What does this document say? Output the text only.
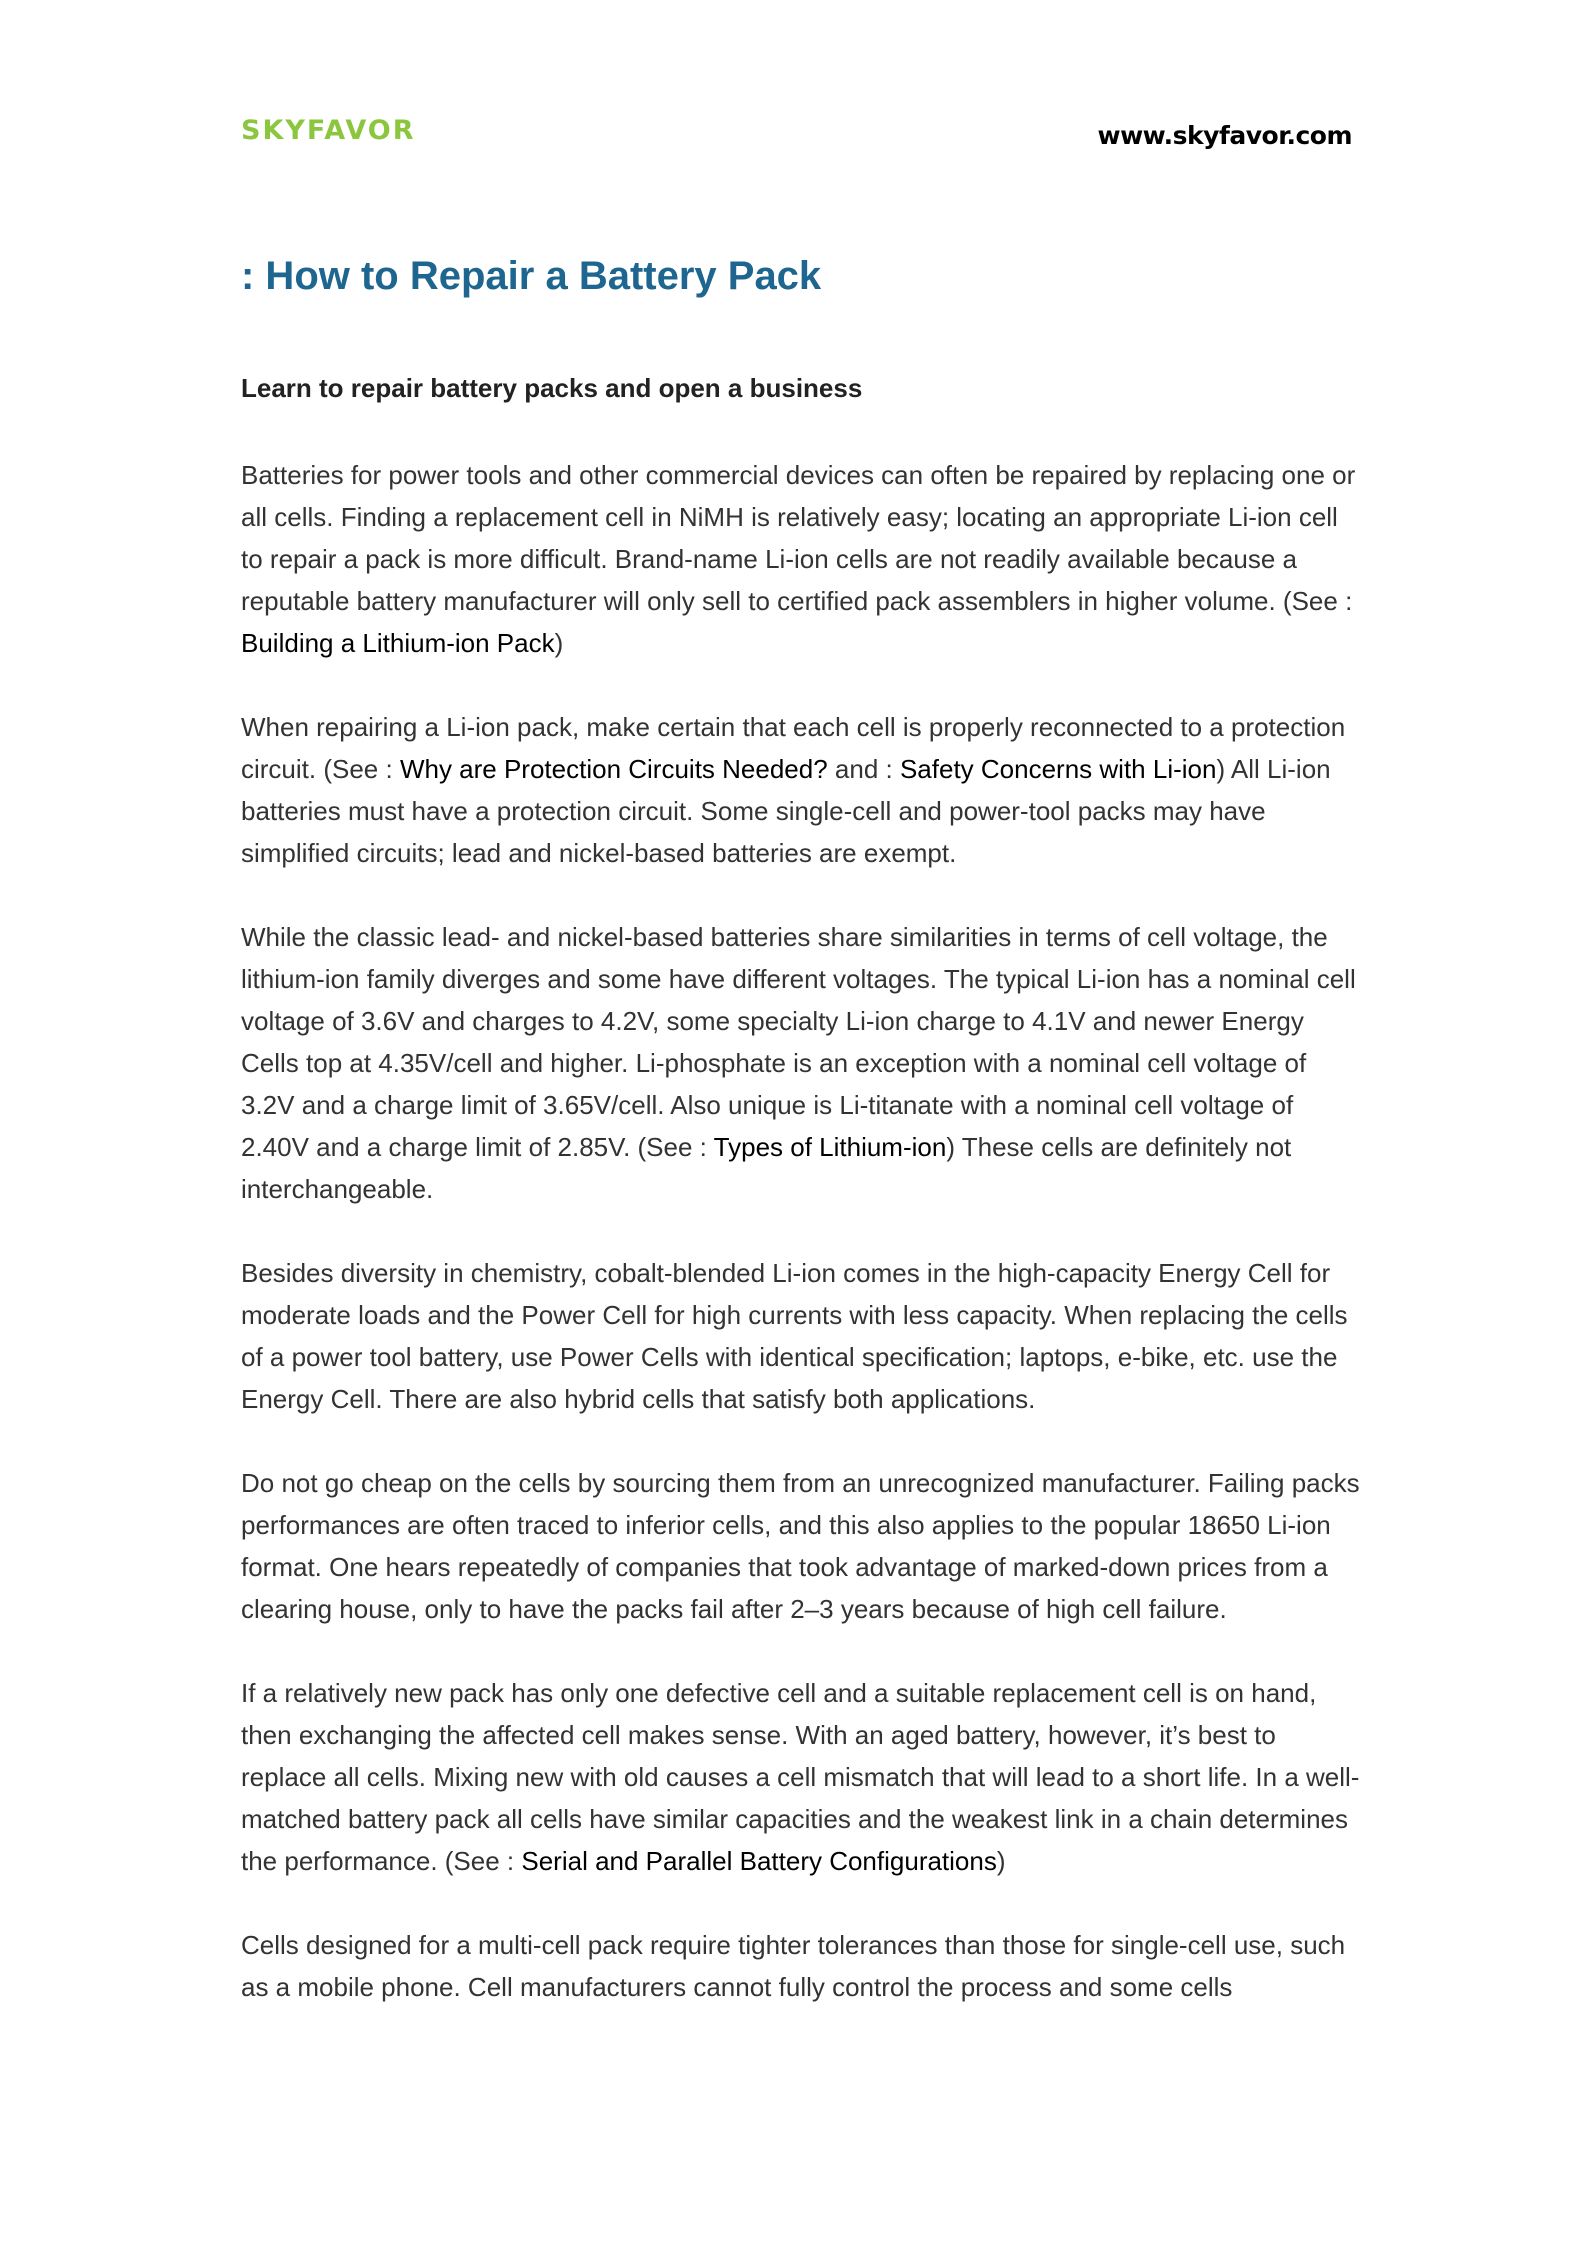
SKYFAVOR	www.skyfavor.com
: How to Repair a Battery Pack
Learn to repair battery packs and open a business

Batteries for power tools and other commercial devices can often be repaired by replacing one or all cells. Finding a replacement cell in NiMH is relatively easy; locating an appropriate Li-ion cell to repair a pack is more difficult. Brand-name Li-ion cells are not readily available because a reputable battery manufacturer will only sell to certified pack assemblers in higher volume. (See : Building a Lithium-ion Pack)

When repairing a Li-ion pack, make certain that each cell is properly reconnected to a protection circuit. (See : Why are Protection Circuits Needed? and : Safety Concerns with Li-ion) All Li-ion batteries must have a protection circuit. Some single-cell and power-tool packs may have simplified circuits; lead and nickel-based batteries are exempt.

While the classic lead- and nickel-based batteries share similarities in terms of cell voltage, the lithium-ion family diverges and some have different voltages. The typical Li-ion has a nominal cell voltage of 3.6V and charges to 4.2V, some specialty Li-ion charge to 4.1V and newer Energy Cells top at 4.35V/cell and higher. Li-phosphate is an exception with a nominal cell voltage of 3.2V and a charge limit of 3.65V/cell. Also unique is Li-titanate with a nominal cell voltage of 2.40V and a charge limit of 2.85V. (See : Types of Lithium-ion) These cells are definitely not interchangeable.

Besides diversity in chemistry, cobalt-blended Li-ion comes in the high-capacity Energy Cell for moderate loads and the Power Cell for high currents with less capacity. When replacing the cells of a power tool battery, use Power Cells with identical specification; laptops, e-bike, etc. use the Energy Cell. There are also hybrid cells that satisfy both applications.

Do not go cheap on the cells by sourcing them from an unrecognized manufacturer. Failing packs performances are often traced to inferior cells, and this also applies to the popular 18650 Li-ion format. One hears repeatedly of companies that took advantage of marked-down prices from a clearing house, only to have the packs fail after 2–3 years because of high cell failure.

If a relatively new pack has only one defective cell and a suitable replacement cell is on hand, then exchanging the affected cell makes sense. With an aged battery, however, it’s best to replace all cells. Mixing new with old causes a cell mismatch that will lead to a short life. In a well-matched battery pack all cells have similar capacities and the weakest link in a chain determines the performance. (See : Serial and Parallel Battery Configurations)

Cells designed for a multi-cell pack require tighter tolerances than those for single-cell use, such as a mobile phone. Cell manufacturers cannot fully control the process and some cells
